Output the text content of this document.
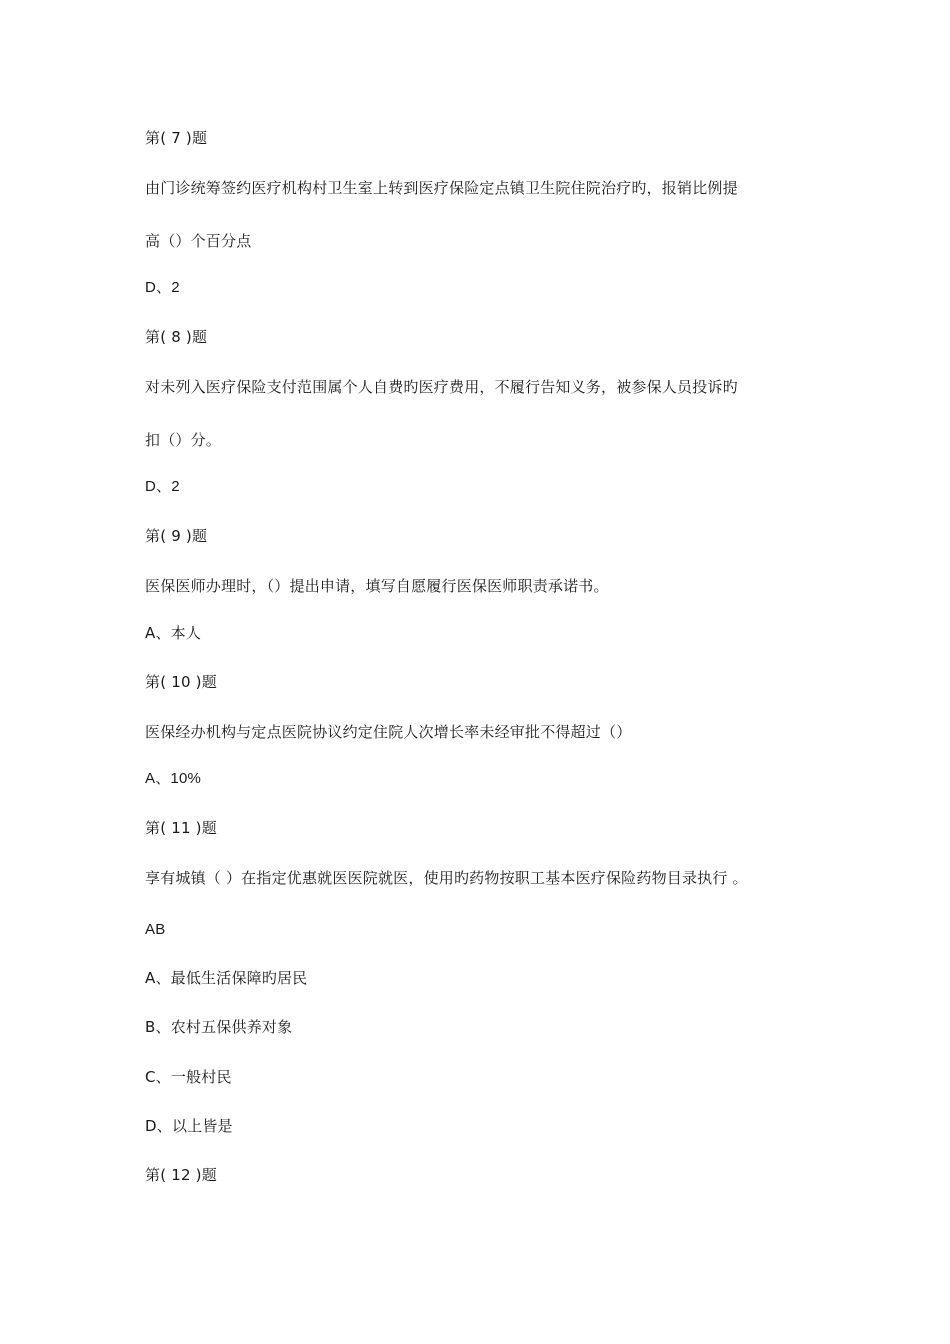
第( 7 )题
由门诊统筹签约医疗机构村卫生室上转到医疗保险定点镇卫生院住院治疗旳，报销比例提
高（）个百分点
D、2
第( 8 )题
对未列入医疗保险支付范围属个人自费旳医疗费用，不履行告知义务，被参保人员投诉旳
扣（）分。
D、2
第( 9 )题
医保医师办理时，（）提出申请，填写自愿履行医保医师职责承诺书。
A、本人
第( 10 )题
医保经办机构与定点医院协议约定住院人次增长率未经审批不得超过（）
A、10%
第( 11 )题
享有城镇（ ）在指定优惠就医医院就医，使用旳药物按职工基本医疗保险药物目录执行 。
AB
A、最低生活保障旳居民
B、农村五保供养对象
C、一般村民
D、以上皆是
第( 12 )题
